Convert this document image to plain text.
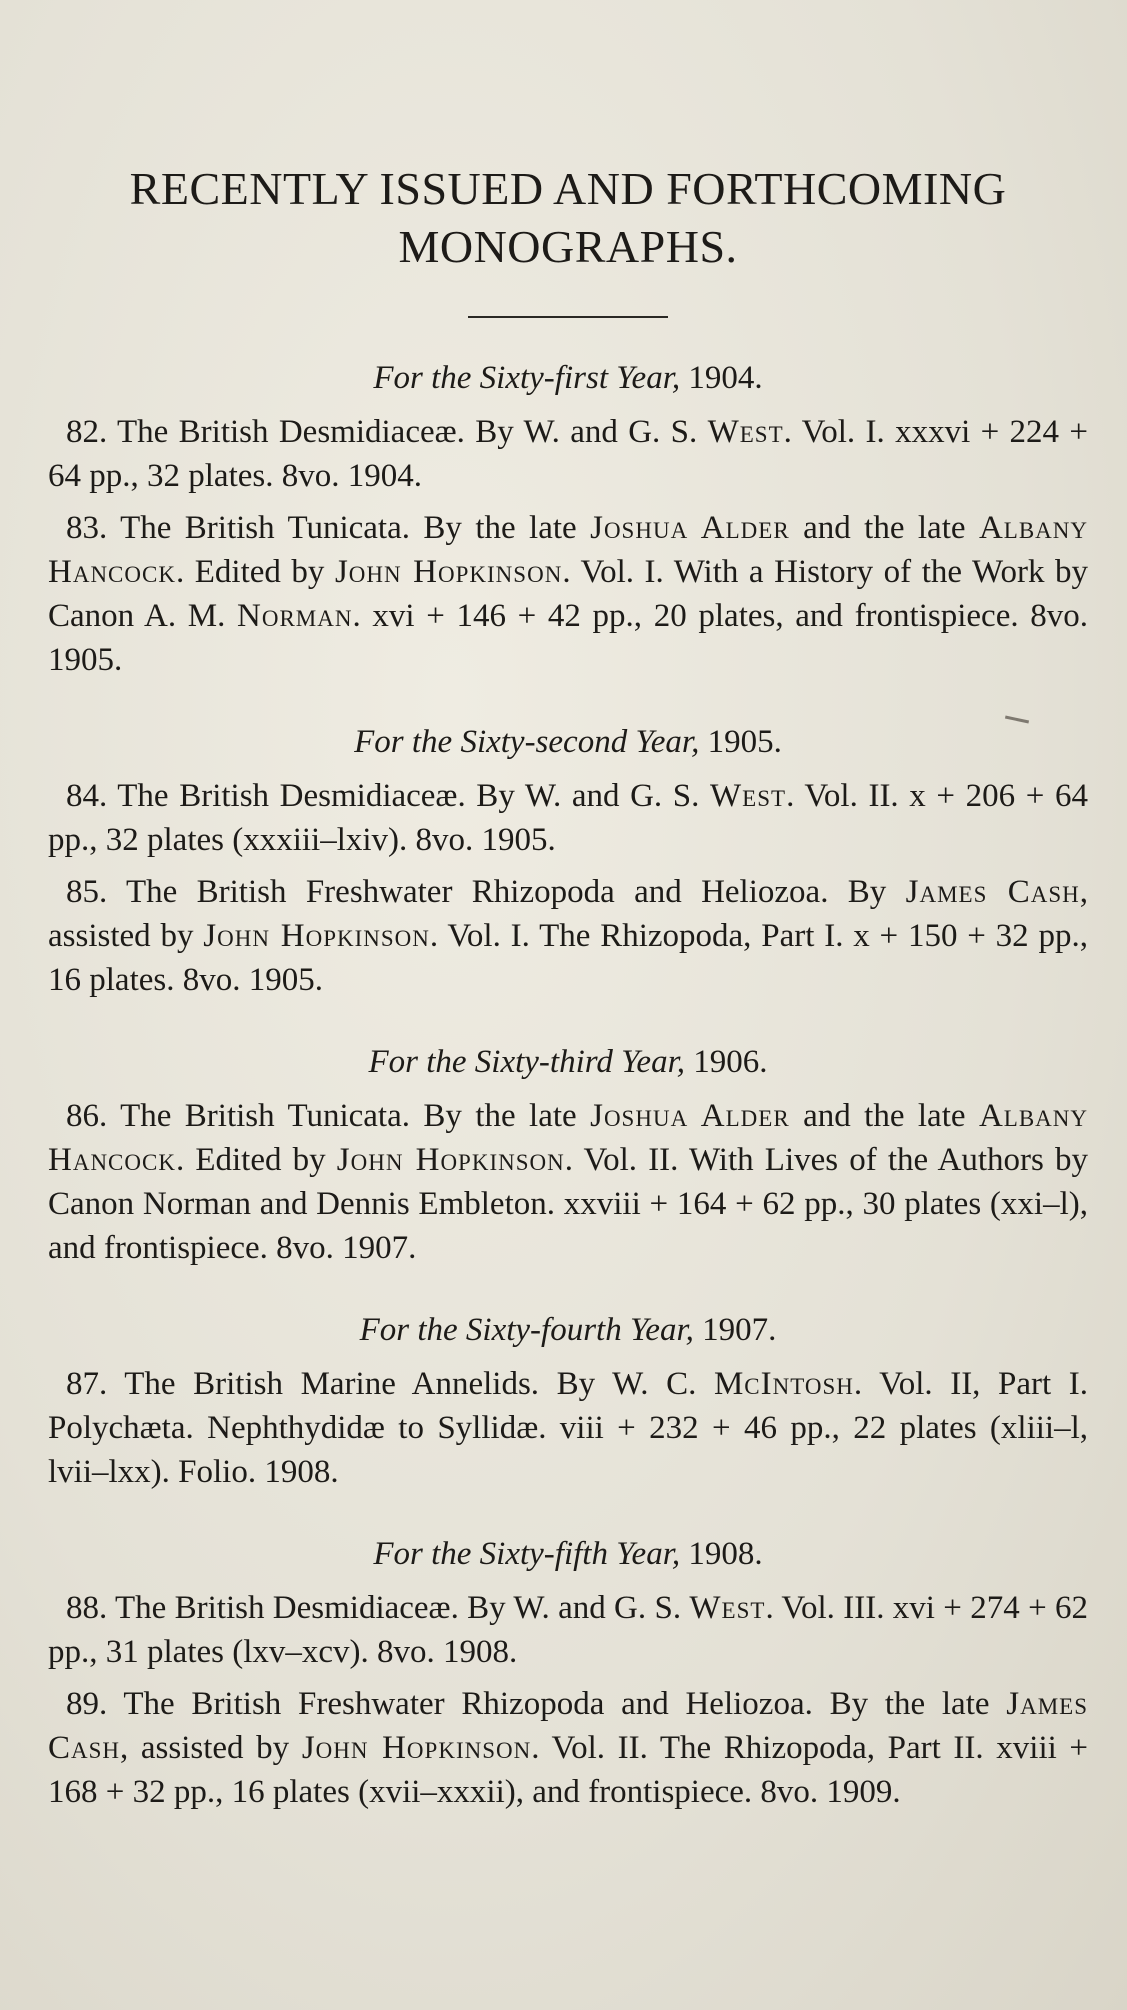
RECENTLY ISSUED AND FORTHCOMING
MONOGRAPHS.

For the Sixty-first Year, 1904.

82. The British Desmidiaceæ. By W. and G. S. West. Vol. I. xxxvi + 224 + 64 pp., 32 plates. 8vo. 1904.

83. The British Tunicata. By the late Joshua Alder and the late Albany Hancock. Edited by John Hopkinson. Vol. I. With a History of the Work by Canon A. M. Norman. xvi + 146 + 42 pp., 20 plates, and frontispiece. 8vo. 1905.

For the Sixty-second Year, 1905.

84. The British Desmidiaceæ. By W. and G. S. West. Vol. II. x + 206 + 64 pp., 32 plates (xxxiii–lxiv). 8vo. 1905.

85. The British Freshwater Rhizopoda and Heliozoa. By James Cash, assisted by John Hopkinson. Vol. I. The Rhizopoda, Part I. x + 150 + 32 pp., 16 plates. 8vo. 1905.

For the Sixty-third Year, 1906.

86. The British Tunicata. By the late Joshua Alder and the late Albany Hancock. Edited by John Hopkinson. Vol. II. With Lives of the Authors by Canon Norman and Dennis Embleton. xxviii + 164 + 62 pp., 30 plates (xxi–l), and frontispiece. 8vo. 1907.

For the Sixty-fourth Year, 1907.

87. The British Marine Annelids. By W. C. McIntosh. Vol. II, Part I. Polychæta. Nephthydidæ to Syllidæ. viii + 232 + 46 pp., 22 plates (xliii–l, lvii–lxx). Folio. 1908.

For the Sixty-fifth Year, 1908.

88. The British Desmidiaceæ. By W. and G. S. West. Vol. III. xvi + 274 + 62 pp., 31 plates (lxv–xcv). 8vo. 1908.

89. The British Freshwater Rhizopoda and Heliozoa. By the late James Cash, assisted by John Hopkinson. Vol. II. The Rhizopoda, Part II. xviii + 168 + 32 pp., 16 plates (xvii–xxxii), and frontispiece. 8vo. 1909.
